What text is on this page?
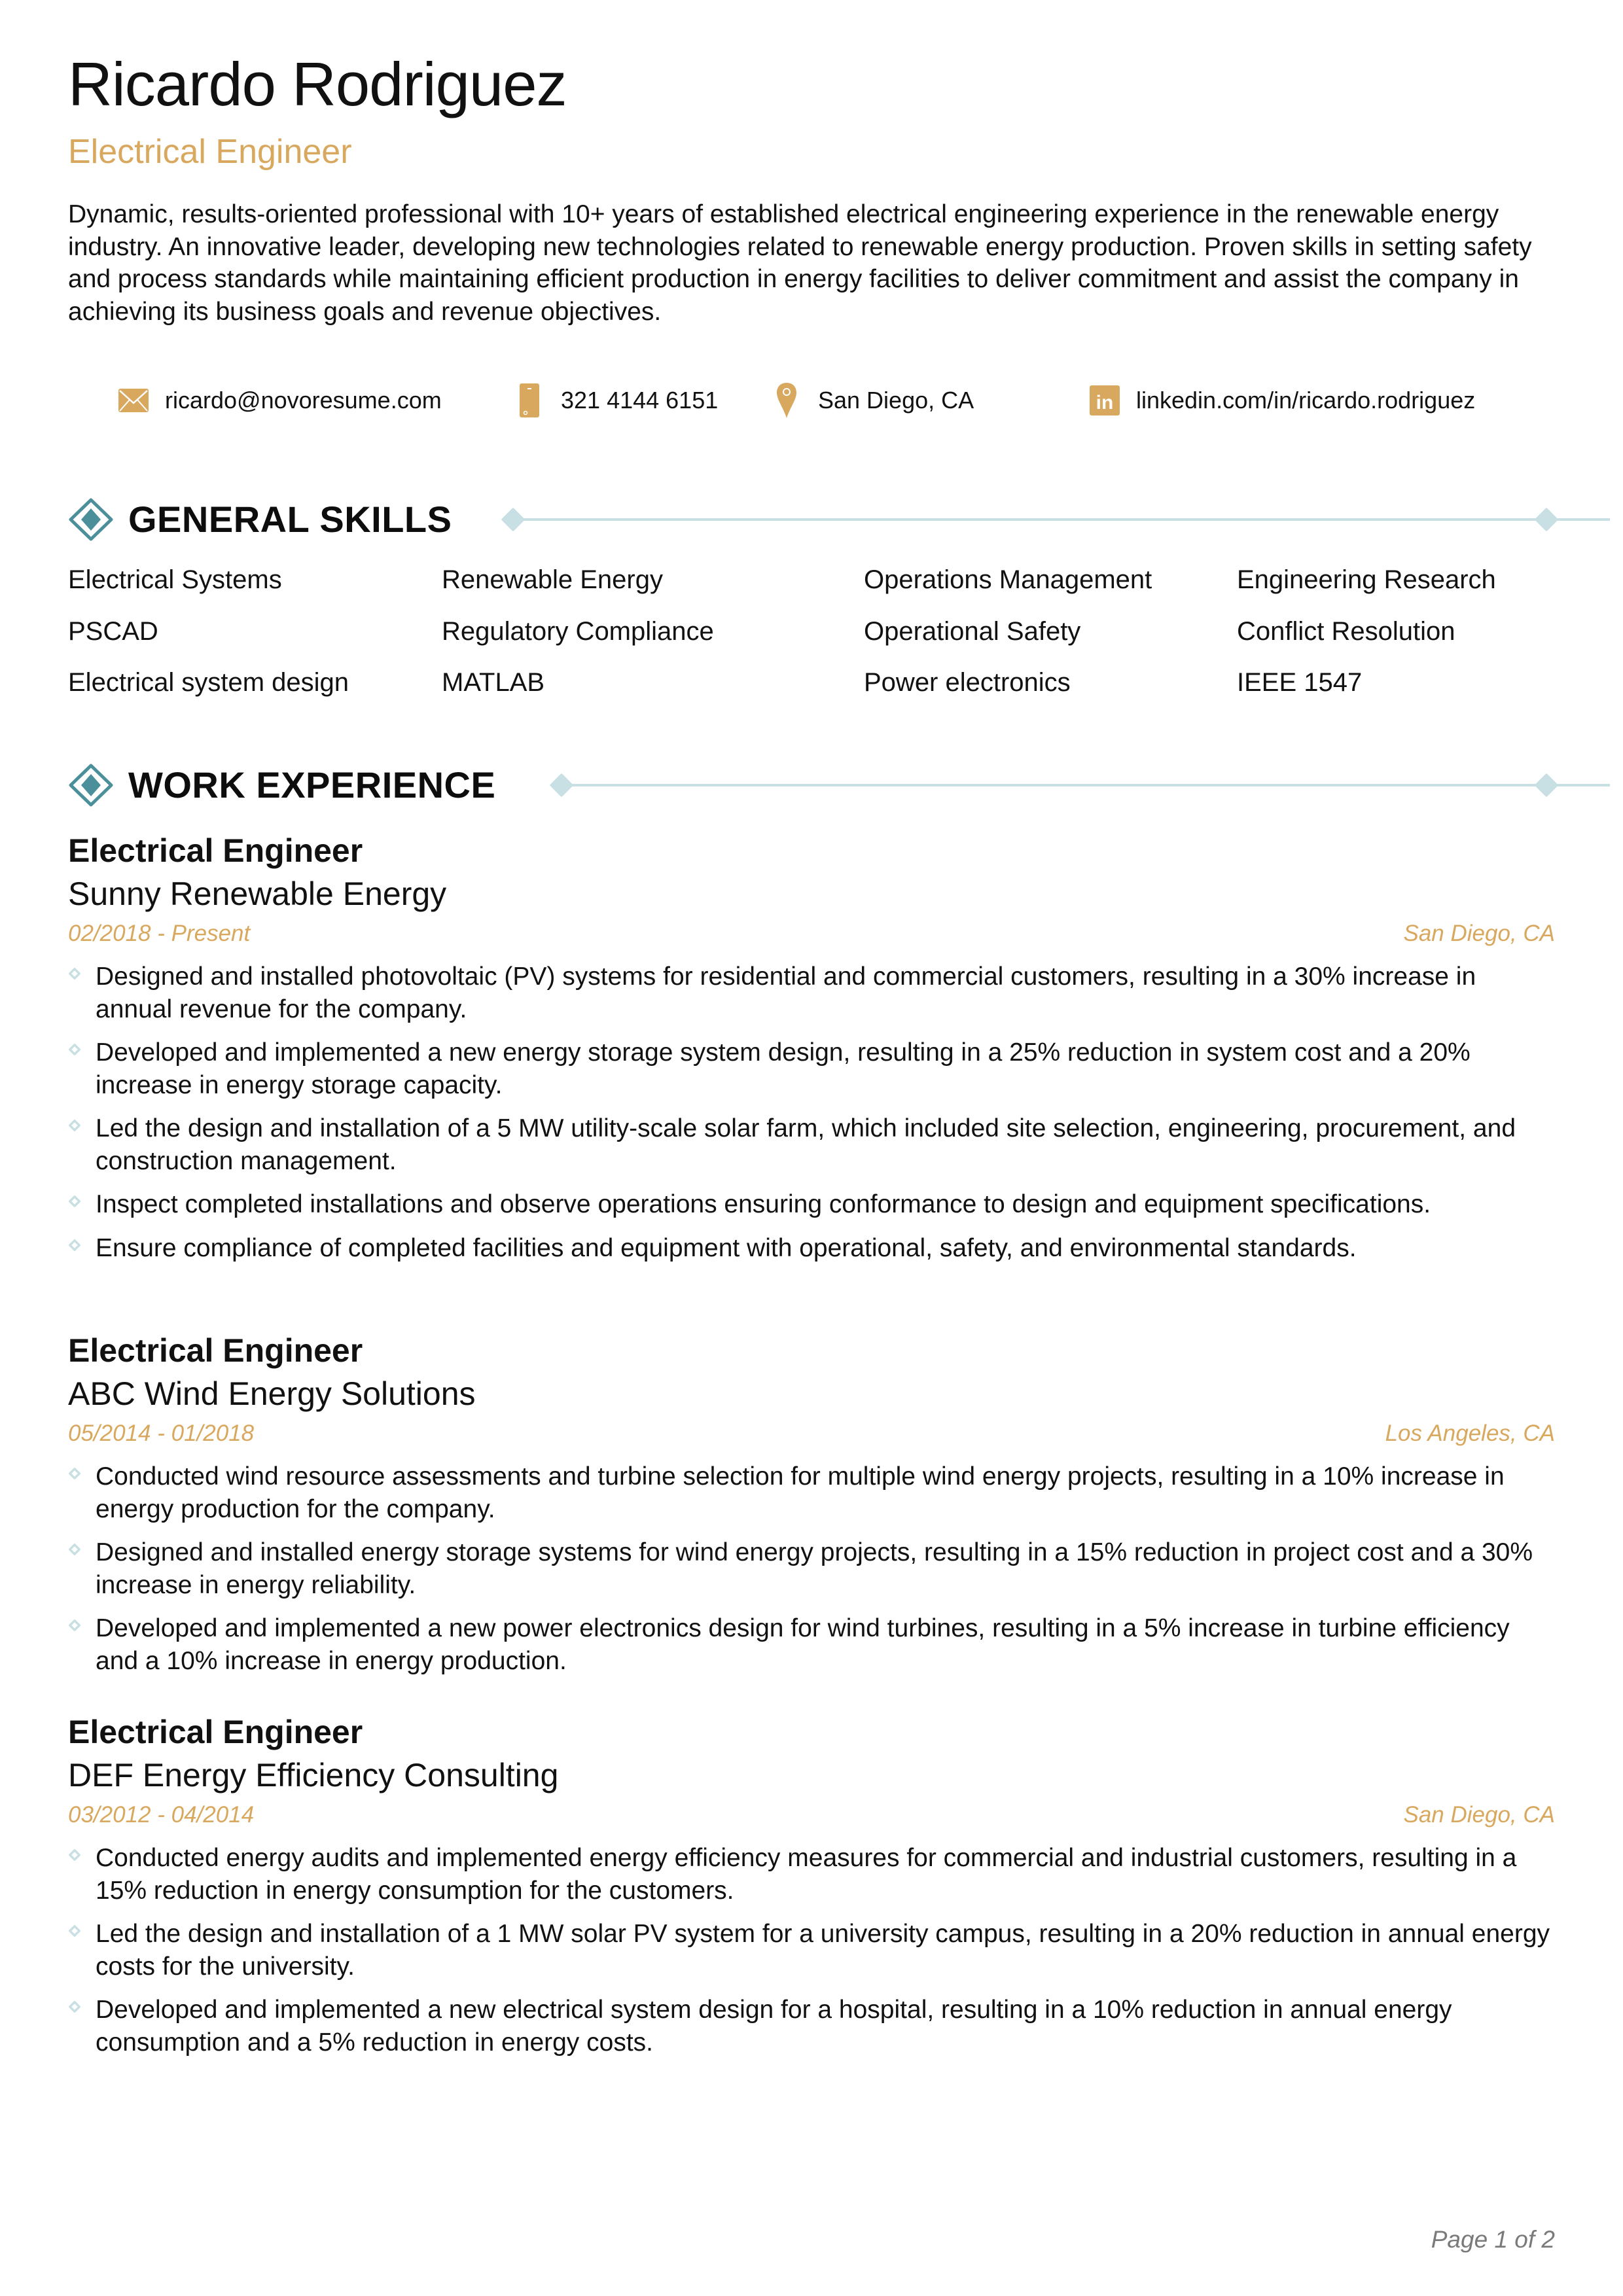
Ricardo Rodriguez
Electrical Engineer
Dynamic, results-oriented professional with 10+ years of established electrical engineering experience in the renewable energy industry. An innovative leader, developing new technologies related to renewable energy production. Proven skills in setting safety and process standards while maintaining efficient production in energy facilities to deliver commitment and assist the company in achieving its business goals and revenue objectives.
ricardo@novoresume.com	321 4144 6151	San Diego, CA	in linkedin.com/in/ricardo.rodriguez
GENERAL SKILLS
Electrical Systems	Renewable Energy	Operations Management	Engineering Research
PSCAD	Regulatory Compliance	Operational Safety	Conflict Resolution
Electrical system design	MATLAB	Power electronics	IEEE 1547
WORK EXPERIENCE
Electrical Engineer
Sunny Renewable Energy
02/2018 - Present	San Diego, CA
Designed and installed photovoltaic (PV) systems for residential and commercial customers, resulting in a 30% increase in annual revenue for the company.
Developed and implemented a new energy storage system design, resulting in a 25% reduction in system cost and a 20% increase in energy storage capacity.
Led the design and installation of a 5 MW utility-scale solar farm, which included site selection, engineering, procurement, and construction management.
Inspect completed installations and observe operations ensuring conformance to design and equipment specifications.
Ensure compliance of completed facilities and equipment with operational, safety, and environmental standards.
Electrical Engineer
ABC Wind Energy Solutions
05/2014 - 01/2018	Los Angeles, CA
Conducted wind resource assessments and turbine selection for multiple wind energy projects, resulting in a 10% increase in energy production for the company.
Designed and installed energy storage systems for wind energy projects, resulting in a 15% reduction in project cost and a 30% increase in energy reliability.
Developed and implemented a new power electronics design for wind turbines, resulting in a 5% increase in turbine efficiency and a 10% increase in energy production.
Electrical Engineer
DEF Energy Efficiency Consulting
03/2012 - 04/2014	San Diego, CA
Conducted energy audits and implemented energy efficiency measures for commercial and industrial customers, resulting in a 15% reduction in energy consumption for the customers.
Led the design and installation of a 1 MW solar PV system for a university campus, resulting in a 20% reduction in annual energy costs for the university.
Developed and implemented a new electrical system design for a hospital, resulting in a 10% reduction in annual energy consumption and a 5% reduction in energy costs.
Page 1 of 2
